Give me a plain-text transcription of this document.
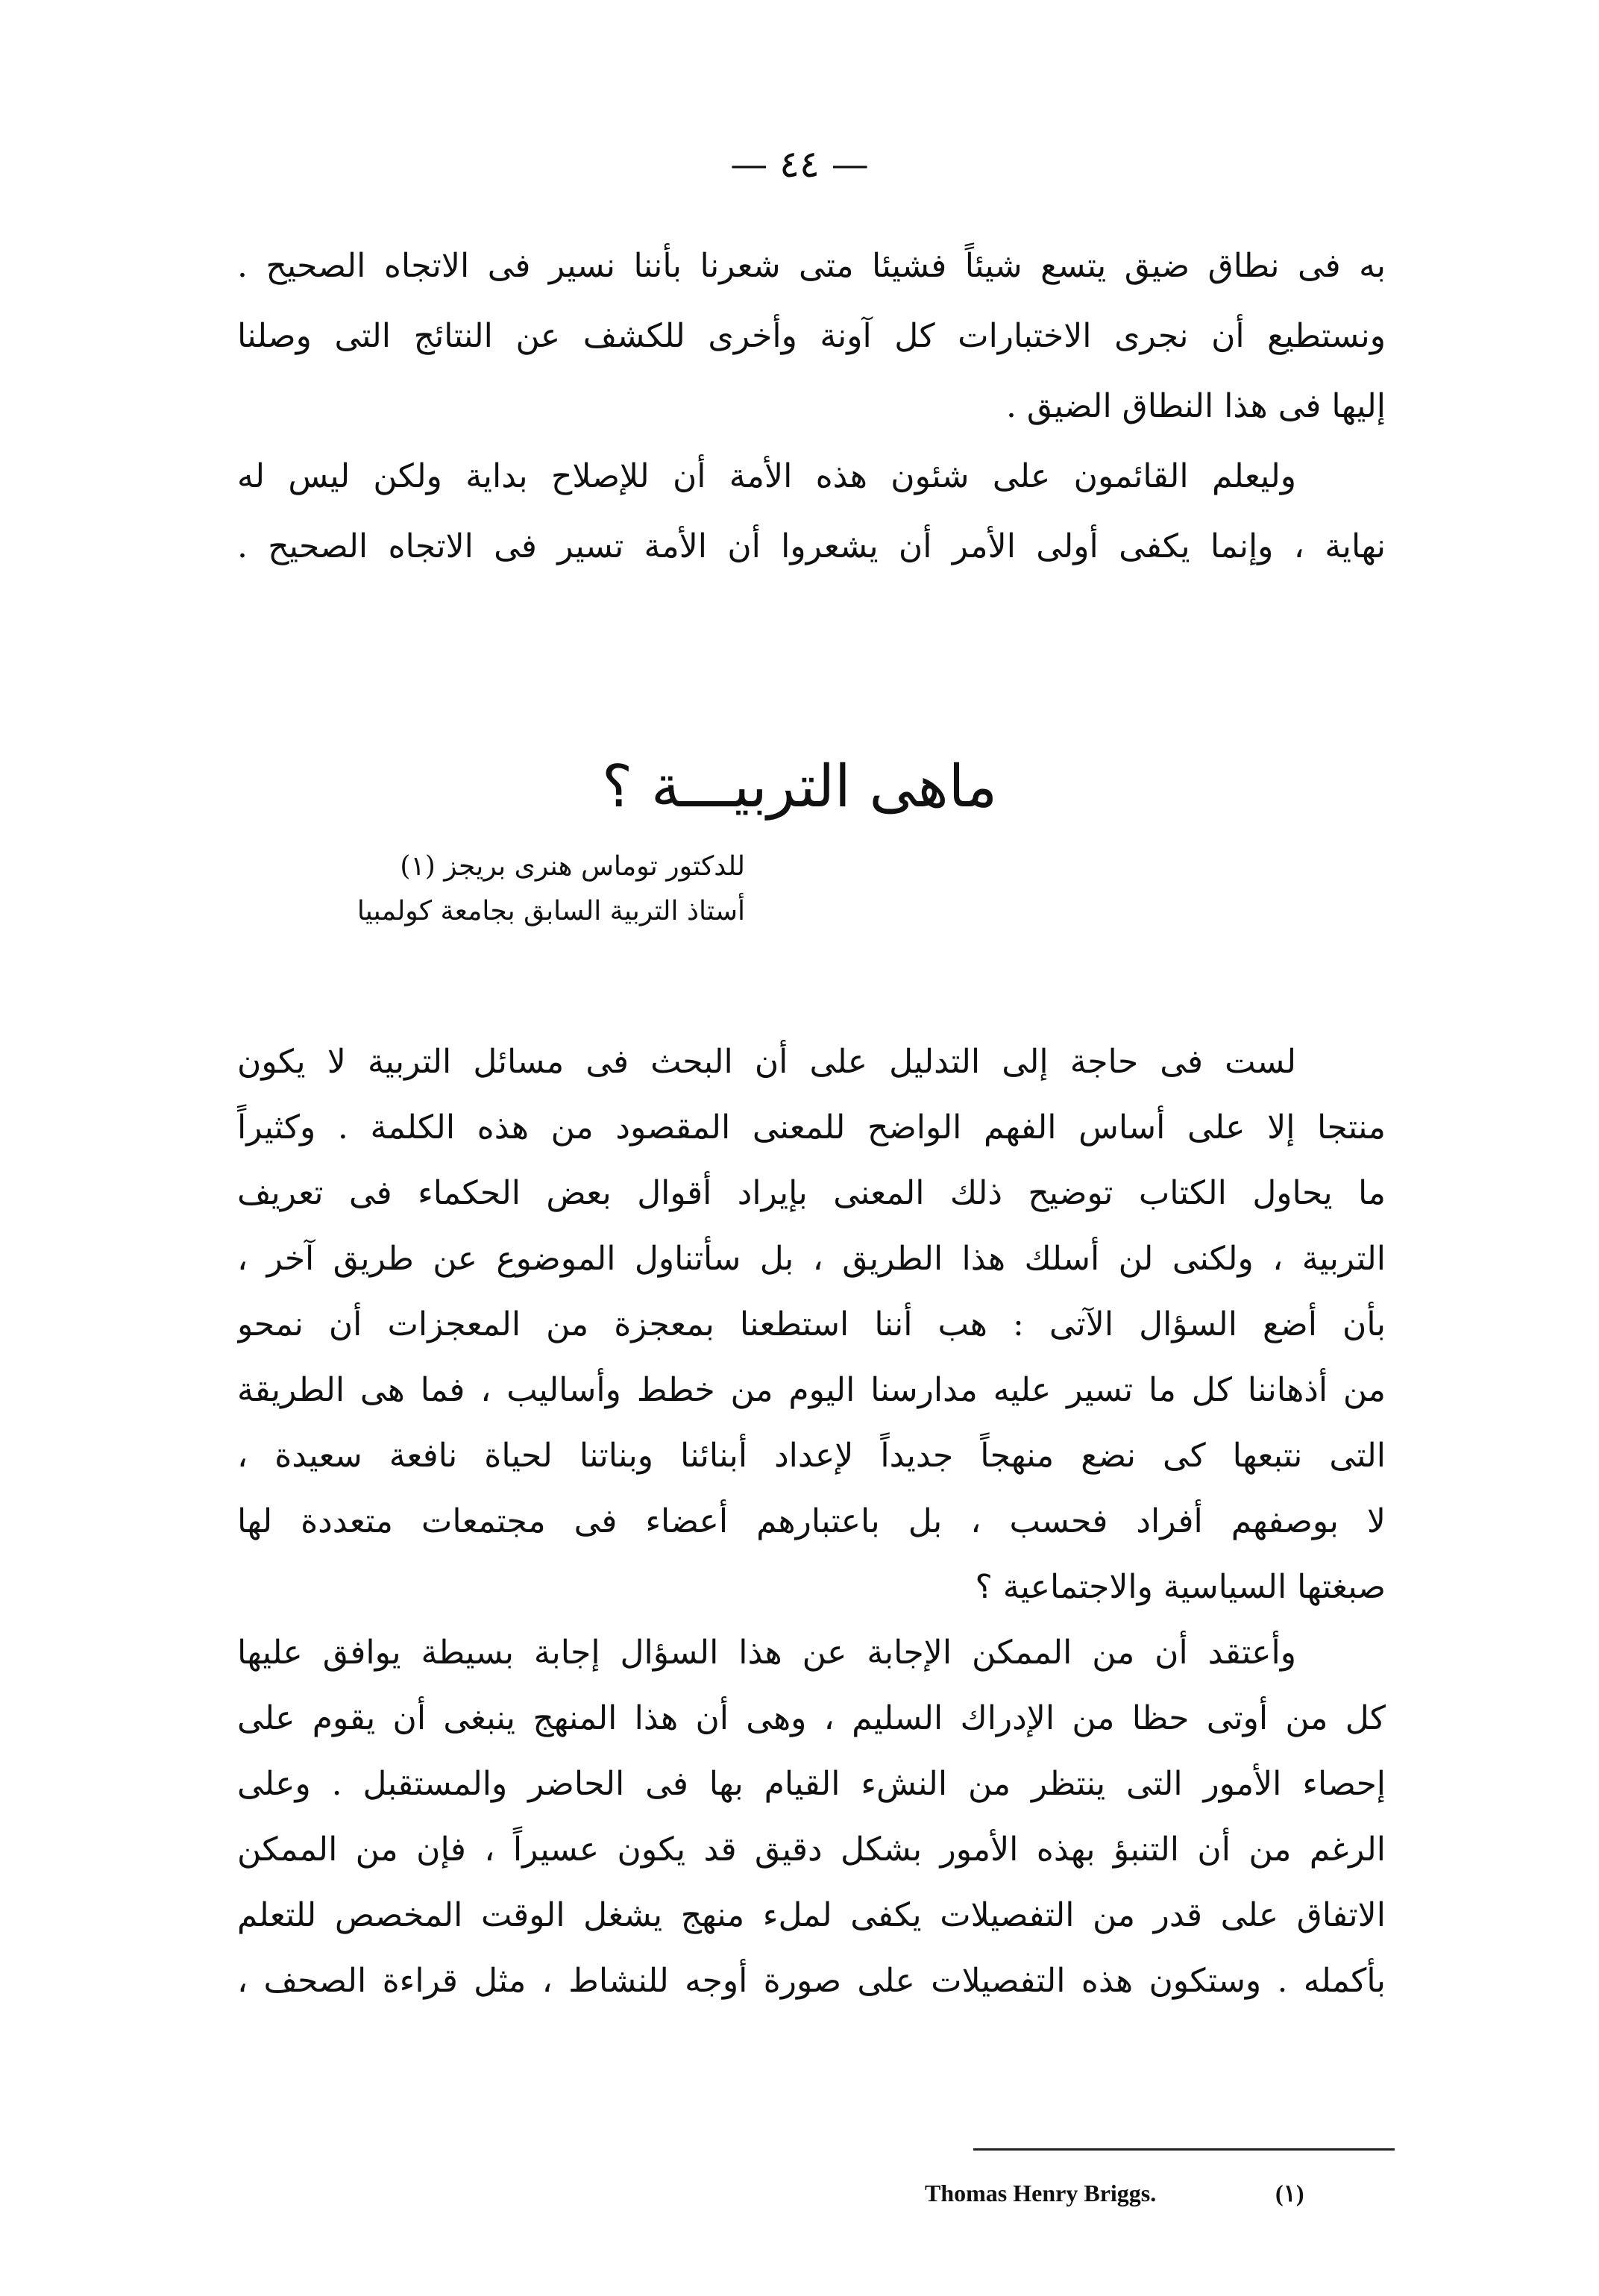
— ٤٤ —
به فى نطاق ضيق يتسع شيئاً فشيئا متى شعرنا بأننا نسير فى الاتجاه الصحيح .
ونستطيع أن نجرى الاختبارات كل آونة وأخرى للكشف عن النتائج التى وصلنا
إليها فى هذا النطاق الضيق .
وليعلم القائمون على شئون هذه الأمة أن للإصلاح بداية ولكن ليس له
نهاية ، وإنما يكفى أولى الأمر أن يشعروا أن الأمة تسير فى الاتجاه الصحيح .
ماهى التربيـــة ؟
للدكتور توماس هنرى بريجز (١)
أستاذ التربية السابق بجامعة كولمبيا
لست فى حاجة إلى التدليل على أن البحث فى مسائل التربية لا يكون
منتجا إلا على أساس الفهم الواضح للمعنى المقصود من هذه الكلمة . وكثيراً
ما يحاول الكتاب توضيح ذلك المعنى بإيراد أقوال بعض الحكماء فى تعريف
التربية ، ولكنى لن أسلك هذا الطريق ، بل سأتناول الموضوع عن طريق آخر ،
بأن أضع السؤال الآتى : هب أننا استطعنا بمعجزة من المعجزات أن نمحو
من أذهاننا كل ما تسير عليه مدارسنا اليوم من خطط وأساليب ، فما هى الطريقة
التى نتبعها كى نضع منهجاً جديداً لإعداد أبنائنا وبناتنا لحياة نافعة سعيدة ،
لا بوصفهم أفراد فحسب ، بل باعتبارهم أعضاء فى مجتمعات متعددة لها
صبغتها السياسية والاجتماعية ؟
وأعتقد أن من الممكن الإجابة عن هذا السؤال إجابة بسيطة يوافق عليها
كل من أوتى حظا من الإدراك السليم ، وهى أن هذا المنهج ينبغى أن يقوم على
إحصاء الأمور التى ينتظر من النشء القيام بها فى الحاضر والمستقبل . وعلى
الرغم من أن التنبؤ بهذه الأمور بشكل دقيق قد يكون عسيراً ، فإن من الممكن
الاتفاق على قدر من التفصيلات يكفى لملء منهج يشغل الوقت المخصص للتعلم
بأكمله . وستكون هذه التفصيلات على صورة أوجه للنشاط ، مثل قراءة الصحف ،
Thomas Henry Briggs.	(١)
